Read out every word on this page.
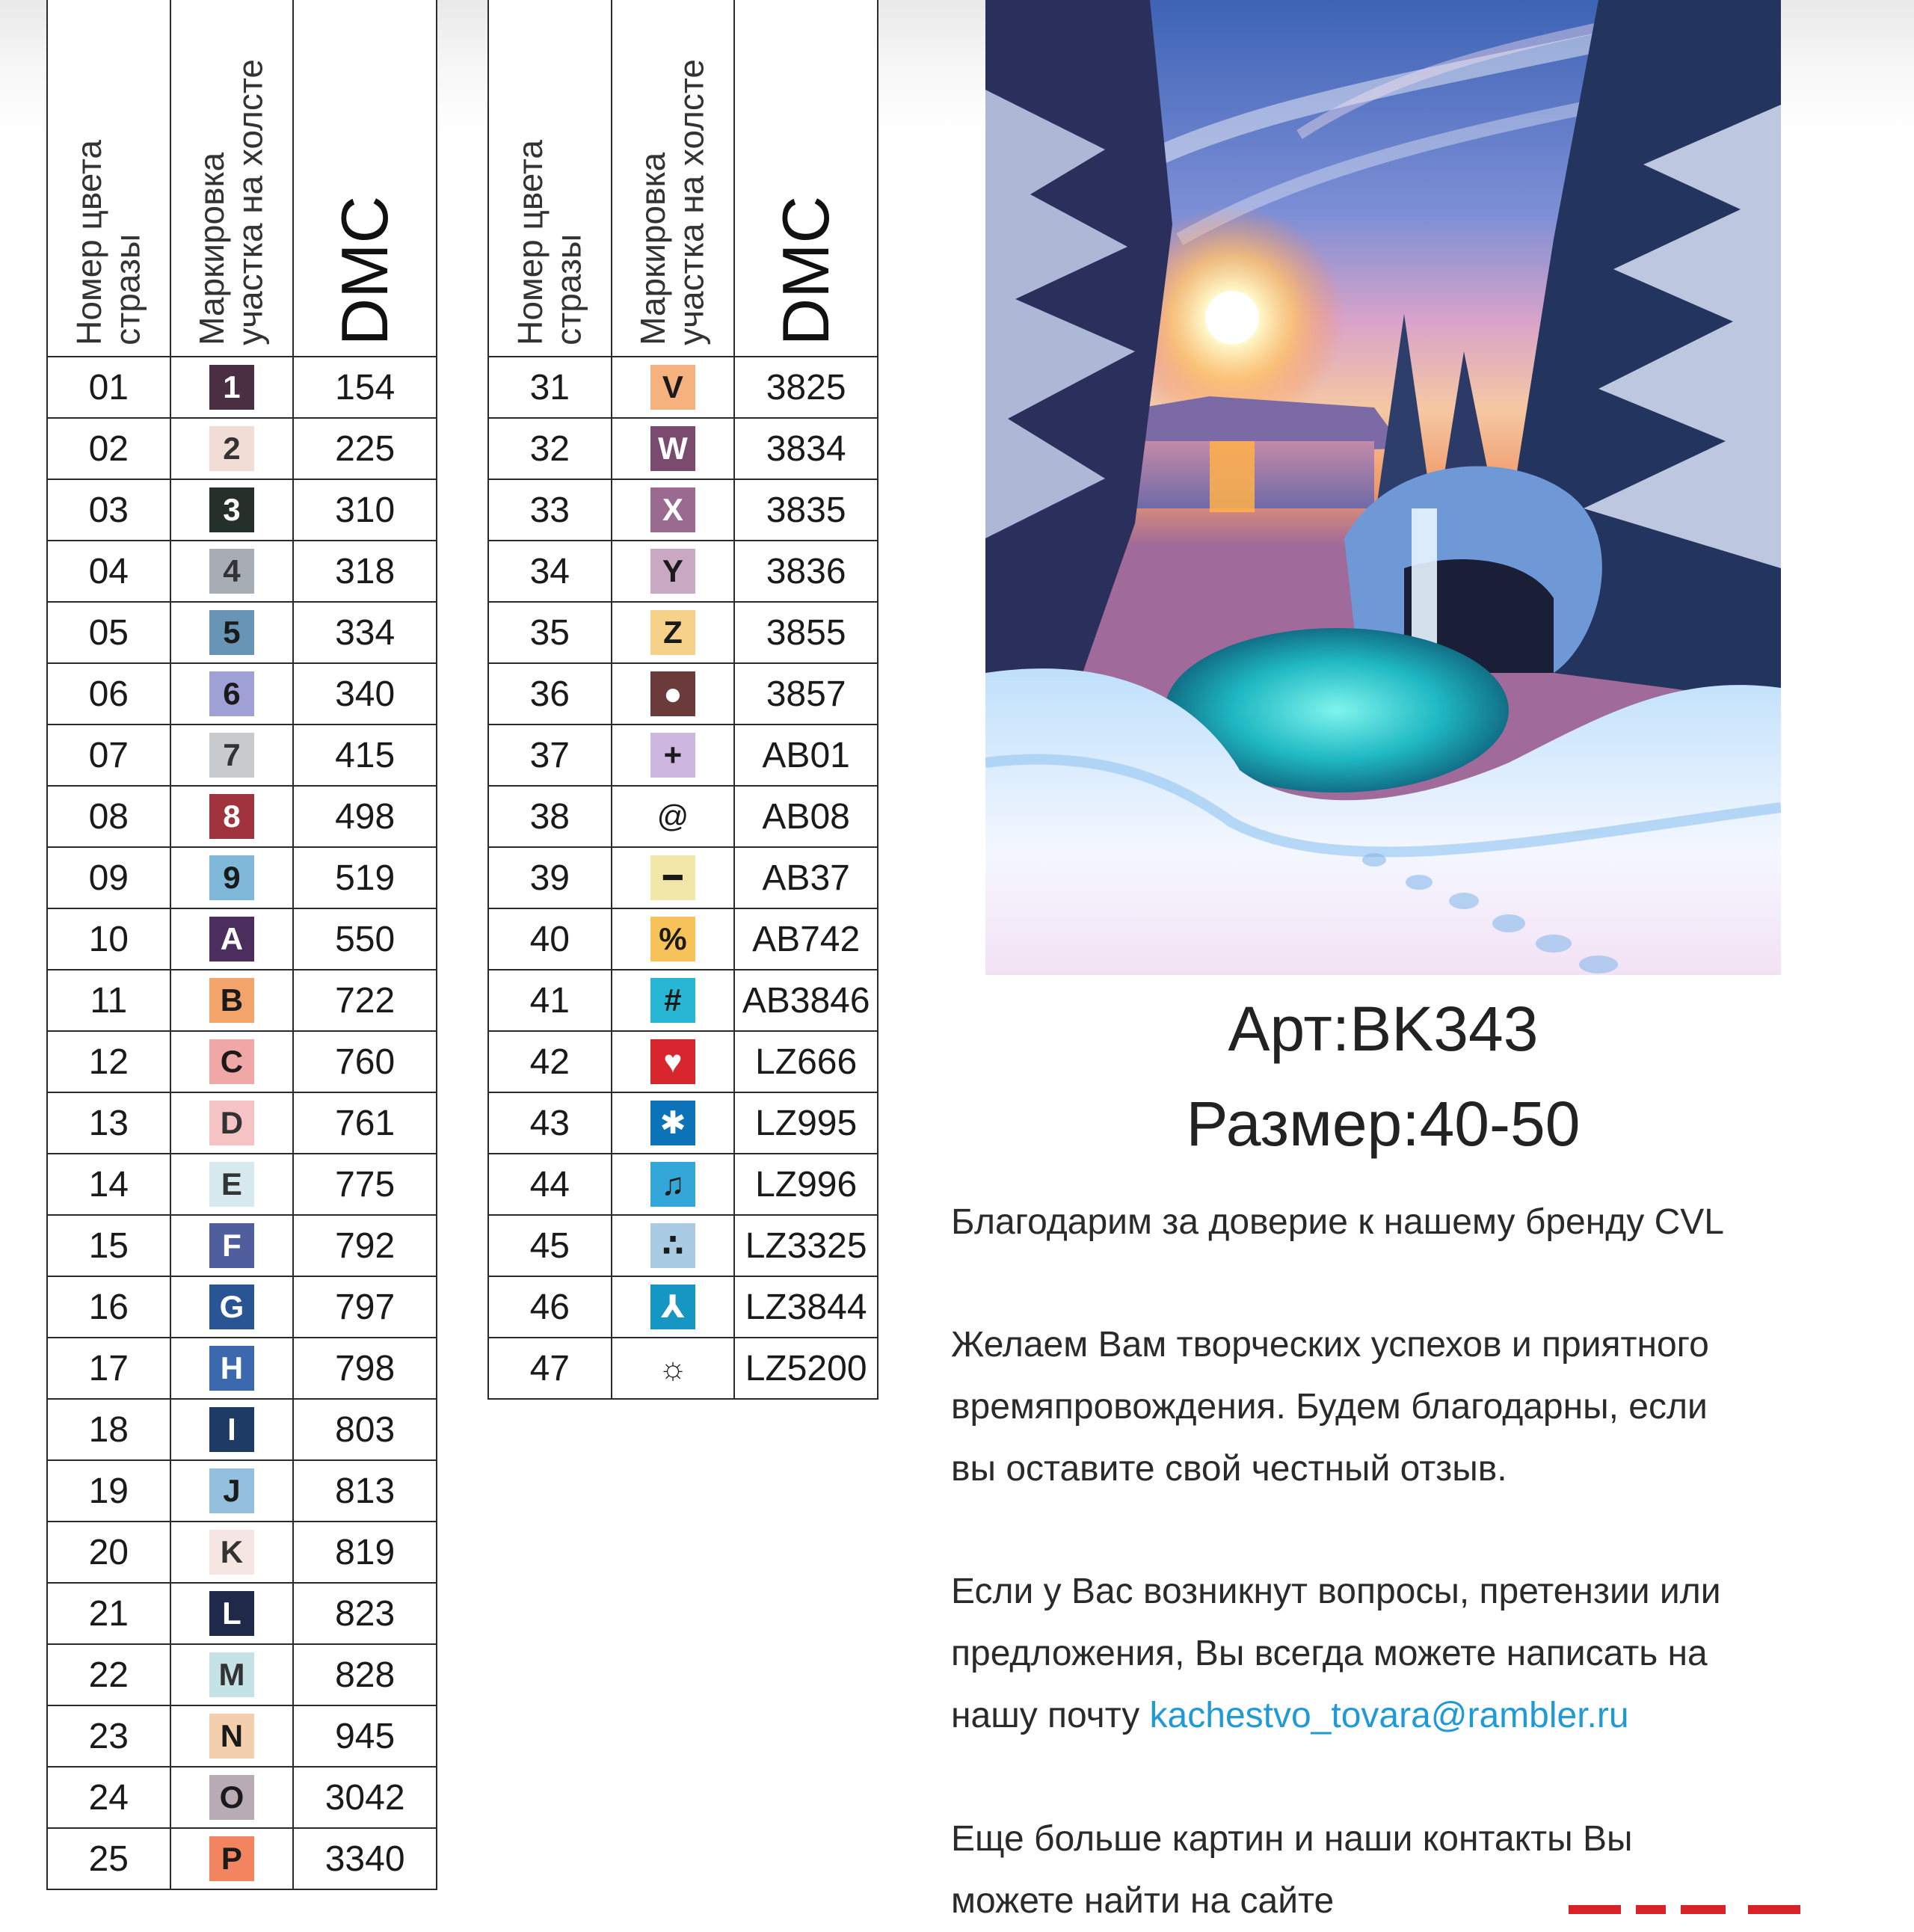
Номер цвета
стразы	Маркировка
участка на холсте	DMC

01	1	154
02	2	225
03	3	310
04	4	318
05	5	334
06	6	340
07	7	415
08	8	498
09	9	519
10	A	550
11	B	722
12	C	760
13	D	761
14	E	775
15	F	792
16	G	797
17	H	798
18	I	803
19	J	813
20	K	819
21	L	823
22	M	828
23	N	945
24	O	3042
25	P	3340
Номер цвета
стразы	Маркировка
участка на холсте	DMC

31	V	3825
32	W	3834
33	X	3835
34	Y	3836
35	Z	3855
36	●	3857
37	+	AB01
38	@	AB08
39	━	AB37
40	%	AB742
41	#	AB3846
42	♥	LZ666
43	✱	LZ995
44	♫	LZ996
45	∴	LZ3325
46	⅄	LZ3844
47	☼	LZ5200
Арт:BK343
Размер:40-50
Благодарим за доверие к нашему бренду CVL
Желаем Вам творческих успехов и приятного
времяпровождения. Будем благодарны, если
вы оставите свой честный отзыв.
Если у Вас возникнут вопросы, претензии или
предложения, Вы всегда можете написать на
нашу почту kachestvo_tovara@rambler.ru
Еще больше картин и наши контакты Вы
можете найти на сайте
